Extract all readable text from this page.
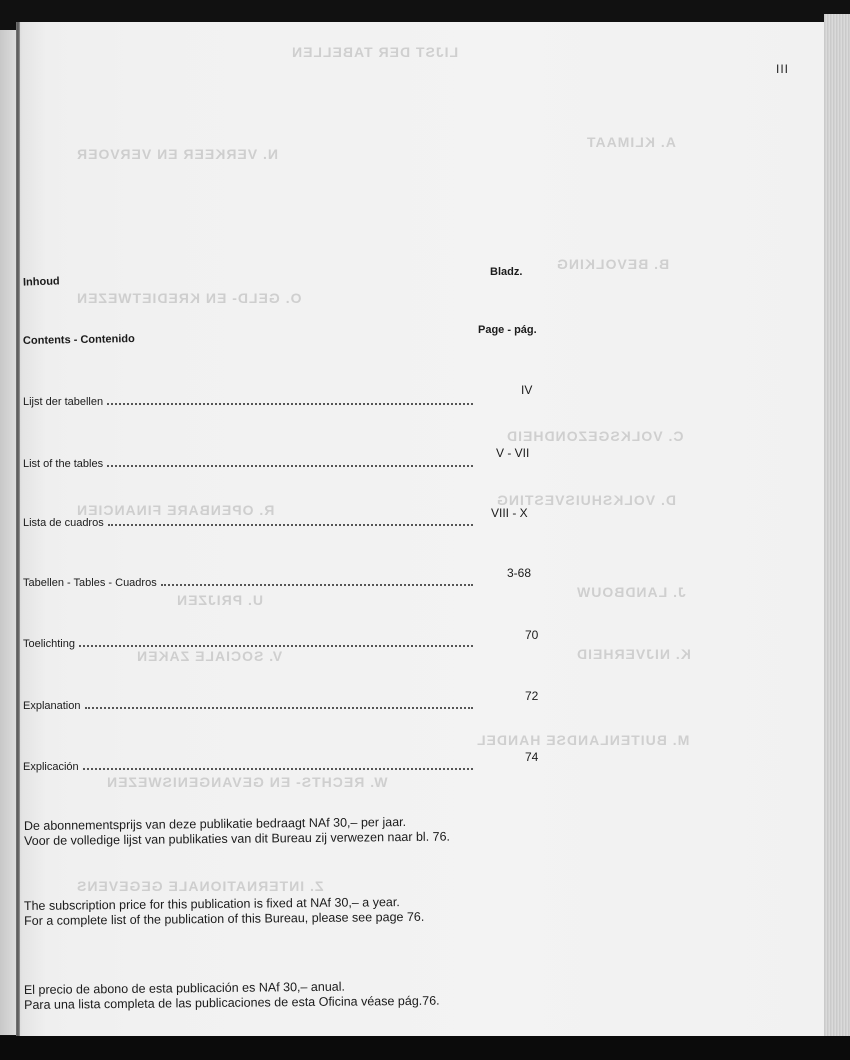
LIJST DER TABELLEN
A. KLIMAAT
B. BEVOLKING
C. VOLKSGEZONDHEID
D. VOLKSHUISVESTING
J. LANDBOUW
K. NIJVERHEID
M. BUITENLANDSE HANDEL
N. VERKEER EN VERVOER
O. GELD- EN KREDIETWEZEN
R. OPENBARE FINANCIEN
U. PRIJZEN
V. SOCIALE ZAKEN
W. RECHTS- EN GEVANGENISWEZEN
Z. INTERNATIONALE GEGEVENS
III
Inhoud
Contents - Contenido
Bladz.
Page - pág.
Lijst der tabellen
IV
List of the tables
V - VII
Lista de cuadros
VIII - X
Tabellen - Tables - Cuadros
3-68
Toelichting
70
Explanation
72
Explicación
74
De abonnementsprijs van deze publikatie bedraagt NAf 30,– per jaar.
Voor de volledige lijst van publikaties van dit Bureau zij verwezen naar bl. 76.
The subscription price for this publication is fixed at NAf 30,– a year.
For a complete list of the publication of this Bureau, please see page 76.
El precio de abono de esta publicación es NAf 30,– anual.
Para una lista completa de las publicaciones de esta Oficina véase pág.76.
